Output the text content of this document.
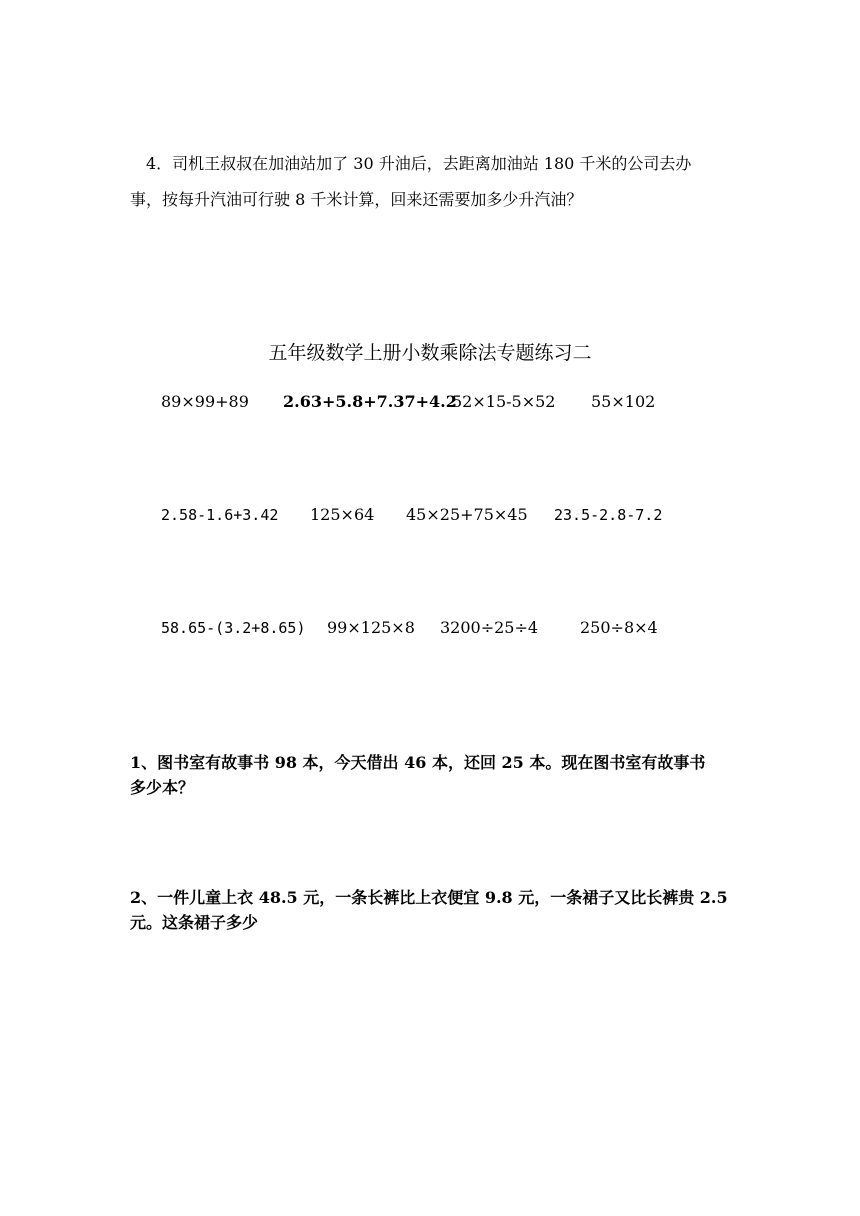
4．司机王叔叔在加油站加了 30 升油后，去距离加油站 180 千米的公司去办
事，按每升汽油可行驶 8 千米计算，回来还需要加多少升汽油？
五年级数学上册小数乘除法专题练习二
89×99+89 2.63+5.8+7.37+4.2
52×15-5×52 55×102
2.58-1.6+3.42 125×64 45×25+75×45 23.5-2.8-7.2
58.65-(3.2+8.65) 99×125×8 3200÷25÷4	250÷8×4
1、图书室有故事书 98 本，今天借出 46 本，还回 25 本。现在图书室有故事书
多少本？
2、一件儿童上衣 48.5 元，一条长裤比上衣便宜 9.8 元，一条裙子又比长裤贵 2.5
元。这条裙子多少
